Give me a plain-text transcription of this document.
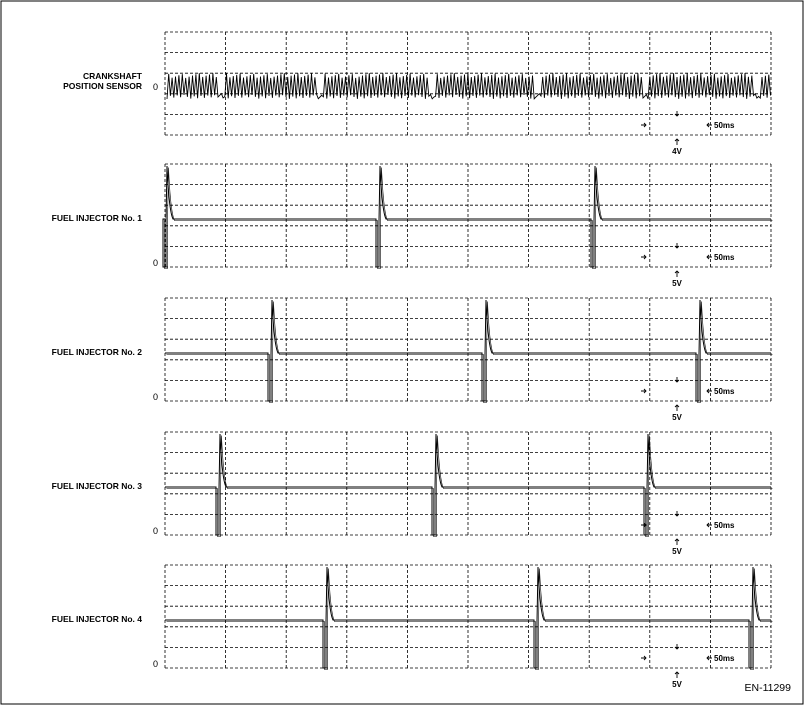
CRANKSHAFT
POSITION SENSOR 0
50ms
4V
FUEL INJECTOR No. 1
0
50ms
5V
FUEL INJECTOR No. 2
0
50ms
5V
FUEL INJECTOR No. 3
0
50ms
5V
FUEL INJECTOR No. 4
0
50ms
5V	EN-11299
